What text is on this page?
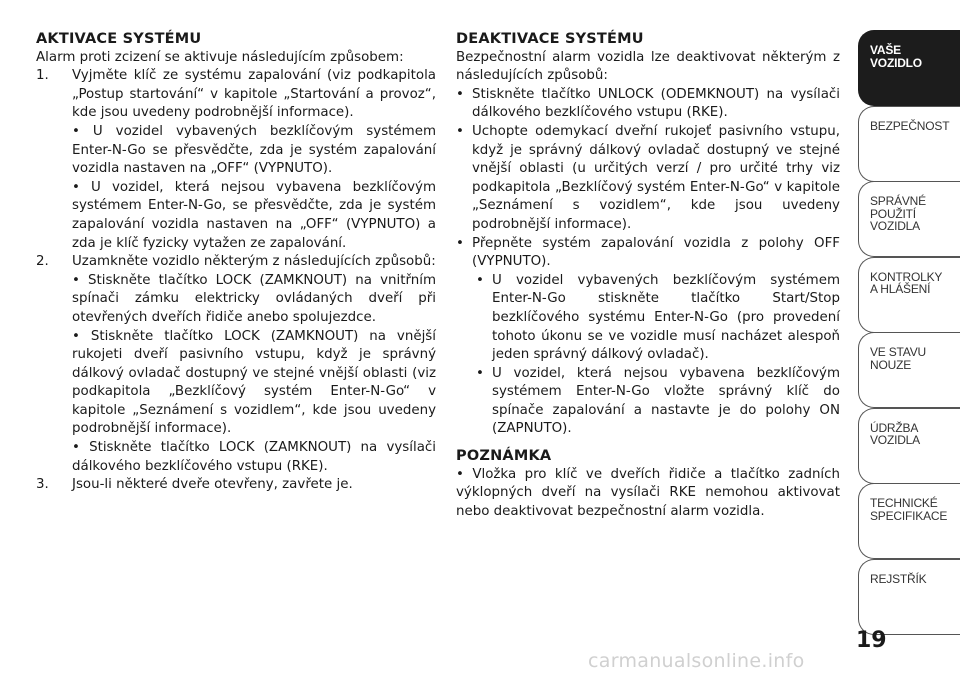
AKTIVACE SYSTÉMU

Alarm proti zcizení se aktivuje následujícím způsobem:

1. Vyjměte klíč ze systému zapalování (viz podkapitola „Postup startování“ v kapitole „Startování a provoz“, kde jsou uvedeny podrobnější informace).

• U vozidel vybavených bezklíčovým systémem Enter-N-Go se přesvědčte, zda je systém zapalování vozidla nastaven na „OFF“ (VYPNUTO).

• U vozidel, která nejsou vybavena bezklíčovým systémem Enter-N-Go, se přesvědčte, zda je systém zapalování vozidla nastaven na „OFF“ (VYPNUTO) a zda je klíč fyzicky vytažen ze zapalování.

2. Uzamkněte vozidlo některým z následujících způsobů:

• Stiskněte tlačítko LOCK (ZAMKNOUT) na vnitřním spínači zámku elektricky ovládaných dveří při otevřených dveřích řidiče anebo spolujezdce.

• Stiskněte tlačítko LOCK (ZAMKNOUT) na vnější rukojeti dveří pasivního vstupu, když je správný dálkový ovladač dostupný ve stejné vnější oblasti (viz podkapitola „Bezklíčový systém Enter-N-Go“ v kapitole „Seznámení s vozidlem“, kde jsou uvedeny podrobnější informace).

• Stiskněte tlačítko LOCK (ZAMKNOUT) na vysílači dálkového bezklíčového vstupu (RKE).

3. Jsou-li některé dveře otevřeny, zavřete je.

DEAKTIVACE SYSTÉMU

Bezpečnostní alarm vozidla lze deaktivovat některým z následujících způsobů:

• Stiskněte tlačítko UNLOCK (ODEMKNOUT) na vysílači dálkového bezklíčového vstupu (RKE).

• Uchopte odemykací dveřní rukojeť pasivního vstupu, když je správný dálkový ovladač dostupný ve stejné vnější oblasti (u určitých verzí / pro určité trhy viz podkapitola „Bezklíčový systém Enter-N-Go“ v kapitole „Seznámení s vozidlem“, kde jsou uvedeny podrobnější informace).

• Přepněte systém zapalování vozidla z polohy OFF (VYPNUTO).

• U vozidel vybavených bezklíčovým systémem Enter-N-Go stiskněte tlačítko Start/Stop bezklíčového systému Enter-N-Go (pro provedení tohoto úkonu se ve vozidle musí nacházet alespoň jeden správný dálkový ovladač).

• U vozidel, která nejsou vybavena bezklíčovým systémem Enter-N-Go vložte správný klíč do spínače zapalování a nastavte je do polohy ON (ZAPNUTO).

POZNÁMKA

• Vložka pro klíč ve dveřích řidiče a tlačítko zadních výklopných dveří na vysílači RKE nemohou aktivovat nebo deaktivovat bezpečnostní alarm vozidla.

VAŠE
VOZIDLO
BEZPEČNOST
SPRÁVNÉ
POUŽITÍ
VOZIDLA
KONTROLKY
A HLÁŠENÍ
VE STAVU
NOUZE
ÚDRŽBA
VOZIDLA
TECHNICKÉ
SPECIFIKACE
REJSTŘÍK
19
carmanualsonline.info
